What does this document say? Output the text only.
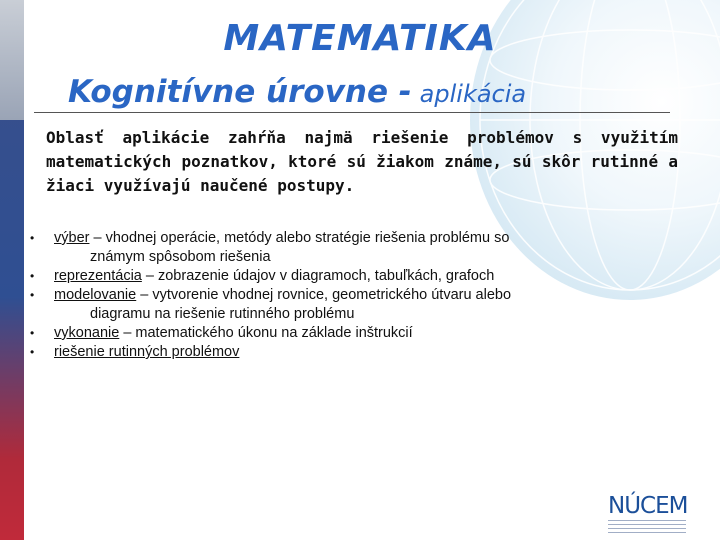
MATEMATIKA
Kognitívne úrovne - aplikácia
Oblasť aplikácie zahŕňa najmä riešenie problémov s využitím matematických poznatkov, ktoré sú žiakom známe, sú skôr rutinné a žiaci využívajú naučené postupy.
• výber – vhodnej operácie, metódy alebo stratégie riešenia problému so
známym spôsobom riešenia
• reprezentácia – zobrazenie údajov v diagramoch, tabuľkách, grafoch
• modelovanie – vytvorenie vhodnej rovnice, geometrického útvaru alebo
diagramu na riešenie rutinného problému
• vykonanie – matematického úkonu na základe inštrukcií
• riešenie rutinných problémov
NÚCEM
